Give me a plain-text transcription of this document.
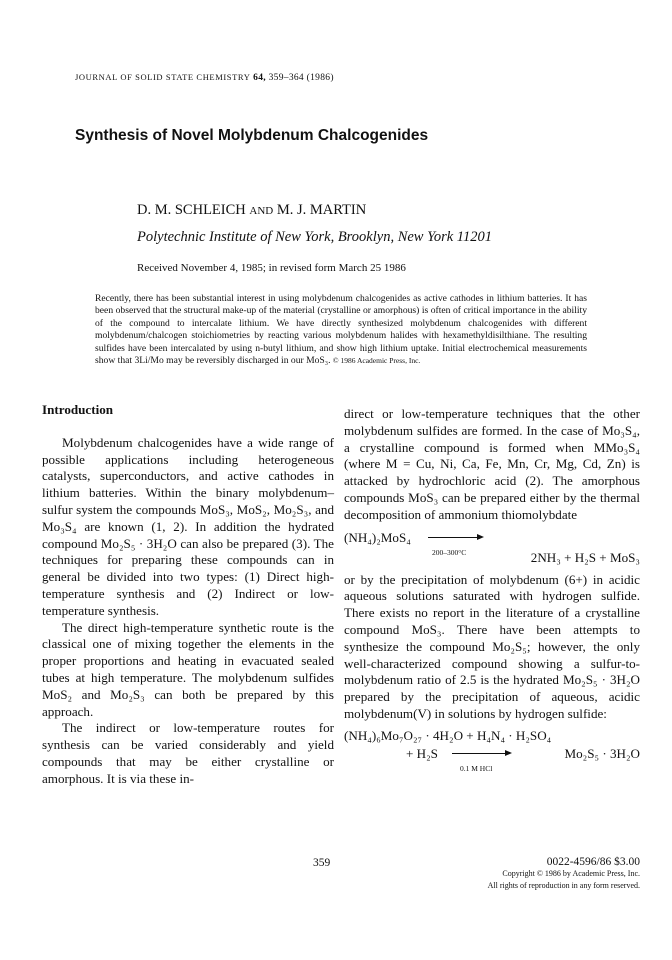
JOURNAL OF SOLID STATE CHEMISTRY 64, 359–364 (1986)
Synthesis of Novel Molybdenum Chalcogenides
D. M. SCHLEICH AND M. J. MARTIN
Polytechnic Institute of New York, Brooklyn, New York 11201
Received November 4, 1985; in revised form March 25 1986

Recently, there has been substantial interest in using molybdenum chalcogenides as active cathodes in lithium batteries. It has been observed that the structural make-up of the material (crystalline or amorphous) is often of critical importance in the ability of the compound to intercalate lithium. We have directly synthesized molybdenum chalcogenides with different molybdenum/chalcogen stoichiometries by reacting various molybdenum halides with hexamethyldisilthiane. The resulting sulfides have been intercalated by using n-butyl lithium, and show high lithium uptake. Initial electrochemical measurements show that 3Li/Mo may be reversibly discharged in our MoS₃. © 1986 Academic Press, Inc.

Introduction

Molybdenum chalcogenides have a wide range of possible applications including heterogeneous catalysts, superconductors, and active cathodes in lithium batteries. Within the binary molybdenum–sulfur system the compounds MoS₃, MoS₂, Mo₂S₃, and Mo₃S₄ are known (1, 2). In addition the hydrated compound Mo₂S₅ · 3H₂O can also be prepared (3). The techniques for preparing these compounds can in general be divided into two types: (1) Direct high-temperature synthesis and (2) Indirect or low-temperature synthesis.

The direct high-temperature synthetic route is the classical one of mixing together the elements in the proper proportions and heating in evacuated sealed tubes at high temperature. The molybdenum sulfides MoS₂ and Mo₂S₃ can both be prepared by this approach.

The indirect or low-temperature routes for synthesis can be varied considerably and yield compounds that may be either crystalline or amorphous. It is via these in-

direct or low-temperature techniques that the other molybdenum sulfides are formed. In the case of Mo₃S₄, a crystalline compound is formed when MMo₃S₄ (where M = Cu, Ni, Ca, Fe, Mn, Cr, Mg, Cd, Zn) is attacked by hydrochloric acid (2). The amorphous compounds MoS₃ can be prepared either by the thermal decomposition of ammonium thiomolybdate

(NH₄)₂MoS₄
200–300°C	2NH₃ + H₂S + MoS₃

or by the precipitation of molybdenum (6+) in acidic aqueous solutions saturated with hydrogen sulfide. There exists no report in the literature of a crystalline compound MoS₃. There have been attempts to synthesize the compound Mo₂S₅; however, the only well-characterized compound showing a sulfur-to-molybdenum ratio of 2.5 is the hydrated Mo₂S₅ · 3H₂O prepared by the precipitation of aqueous, acidic molybdenum(V) in solutions by hydrogen sulfide:

(NH₄)₆Mo₇O₂₇ · 4H₂O + H₄N₄ · H₂SO₄
+ H₂S
0.1 M HCl
Mo₂S₅ · 3H₂O
359	0022-4596/86 $3.00
Copyright © 1986 by Academic Press, Inc.
All rights of reproduction in any form reserved.
